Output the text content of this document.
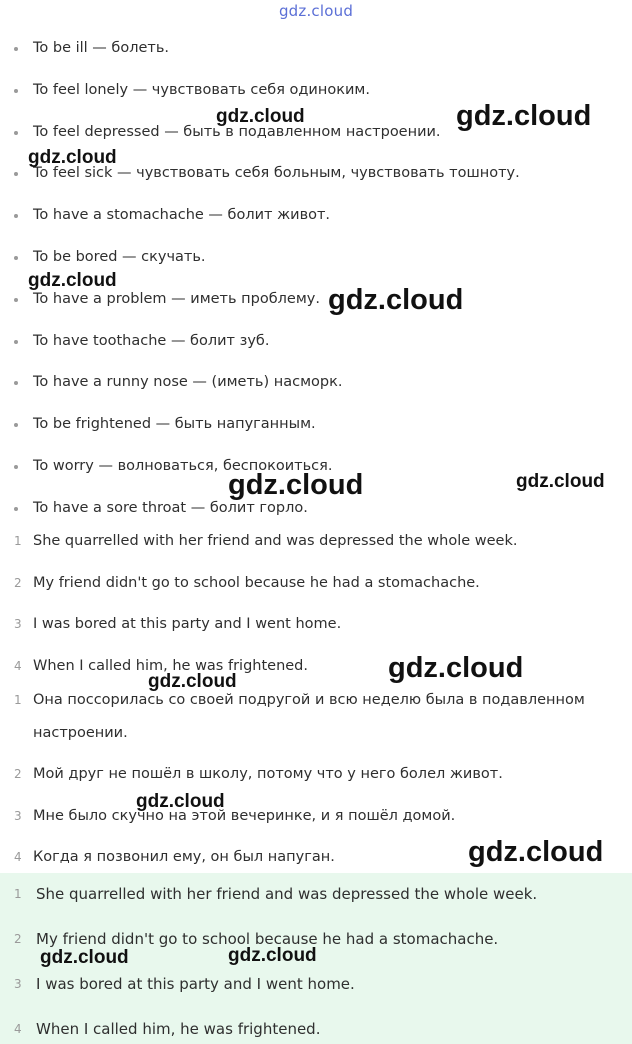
gdz.cloud
To be ill — болеть.
To feel lonely — чувствовать себя одиноким.
To feel depressed — быть в подавленном настроении.
To feel sick — чувствовать себя больным, чувствовать тошноту.
To have a stomachache — болит живот.
To be bored — скучать.
To have a problem — иметь проблему.
To have toothache — болит зуб.
To have a runny nose — (иметь) насморк.
To be frightened — быть напуганным.
To worry — волноваться, беспокоиться.
To have a sore throat — болит горло.
1 She quarrelled with her friend and was depressed the whole week.
2 My friend didn't go to school because he had a stomachache.
3 I was bored at this party and I went home.
4 When I called him, he was frightened.
1 Она поссорилась со своей подругой и всю неделю была в подавленном настроении.
2 Мой друг не пошёл в школу, потому что у него болел живот.
3 Мне было скучно на этой вечеринке, и я пошёл домой.
4 Когда я позвонил ему, он был напуган.
1 She quarrelled with her friend and was depressed the whole week.
2 My friend didn't go to school because he had a stomachache.
3 I was bored at this party and I went home.
4 When I called him, he was frightened.
gdz.cloud	gdz.cloud
gdz.cloud
gdz.cloud
gdz.cloud
gdz.cloud	gdz.cloud
gdz.cloud
gdz.cloud
gdz.cloud
gdz.cloud
gdz.cloud
gdz.cloud
